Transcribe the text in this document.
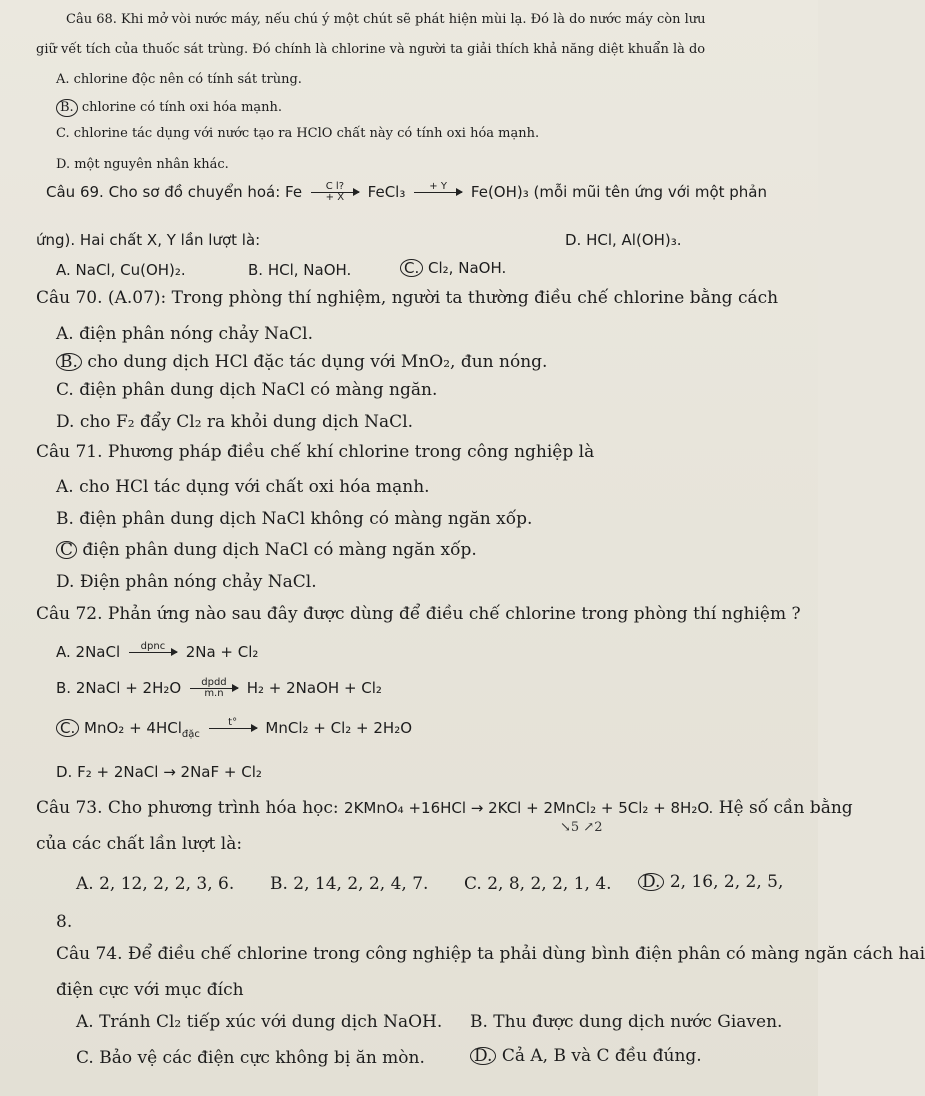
Câu 68. Khi mở vòi nước máy, nếu chú ý một chút sẽ phát hiện mùi lạ. Đó là do nước máy còn lưu
giữ vết tích của thuốc sát trùng. Đó chính là chlorine và người ta giải thích khả năng diệt khuẩn là do
A. chlorine độc nên có tính sát trùng.
B. chlorine có tính oxi hóa mạnh.
C. chlorine tác dụng với nước tạo ra HClO chất này có tính oxi hóa mạnh.
D. một nguyên nhân khác.
Câu 69. Cho sơ đồ chuyển hoá: Fe $\frac{\text{C l?}}{+ X}$ FeCl₃ + Y
Fe(OH)₃ (mỗi mũi tên ứng với một phản
ứng). Hai chất X, Y lần lượt là:	D. HCl, Al(OH)₃.
A. NaCl, Cu(OH)₂.	B. HCl, NaOH.	C. Cl₂, NaOH.
Câu 70. (A.07): Trong phòng thí nghiệm, người ta thường điều chế chlorine bằng cách
A. điện phân nóng chảy NaCl.
B. cho dung dịch HCl đặc tác dụng với MnO₂, đun nóng.
C. điện phân dung dịch NaCl có màng ngăn.
D. cho F₂ đẩy Cl₂ ra khỏi dung dịch NaCl.
Câu 71. Phương pháp điều chế khí chlorine trong công nghiệp là
A. cho HCl tác dụng với chất oxi hóa mạnh.
B. điện phân dung dịch NaCl không có màng ngăn xốp.
C điện phân dung dịch NaCl có màng ngăn xốp.
D. Điện phân nóng chảy NaCl.
Câu 72. Phản ứng nào sau đây được dùng để điều chế chlorine trong phòng thí nghiệm ?
A. 2NaCl dpnc
2Na + Cl₂
B. 2NaCl + 2H₂O dpdd
m.n H₂ + 2NaOH + Cl₂
C. MnO₂ + 4HCl$_{đặc}$
t°
MnCl₂ + Cl₂ + 2H₂O
D. F₂ + 2NaCl → 2NaF + Cl₂
Câu 73. Cho phương trình hóa học: 2KMnO₄ +16HCl → 2KCl + 2MnCl₂ + 5Cl₂ + 8H₂O. Hệ số cần bằng
↘5 ↗2
của các chất lần lượt là:
A. 2, 12, 2, 2, 3, 6. B. 2, 14, 2, 2, 4, 7. C. 2, 8, 2, 2, 1, 4. D. 2, 16, 2, 2, 5,
8.
Câu 74. Để điều chế chlorine trong công nghiệp ta phải dùng bình điện phân có màng ngăn cách hai
điện cực với mục đích
A. Tránh Cl₂ tiếp xúc với dung dịch NaOH. B. Thu được dung dịch nước Giaven.
C. Bảo vệ các điện cực không bị ăn mòn.	D. Cả A, B và C đều đúng.
